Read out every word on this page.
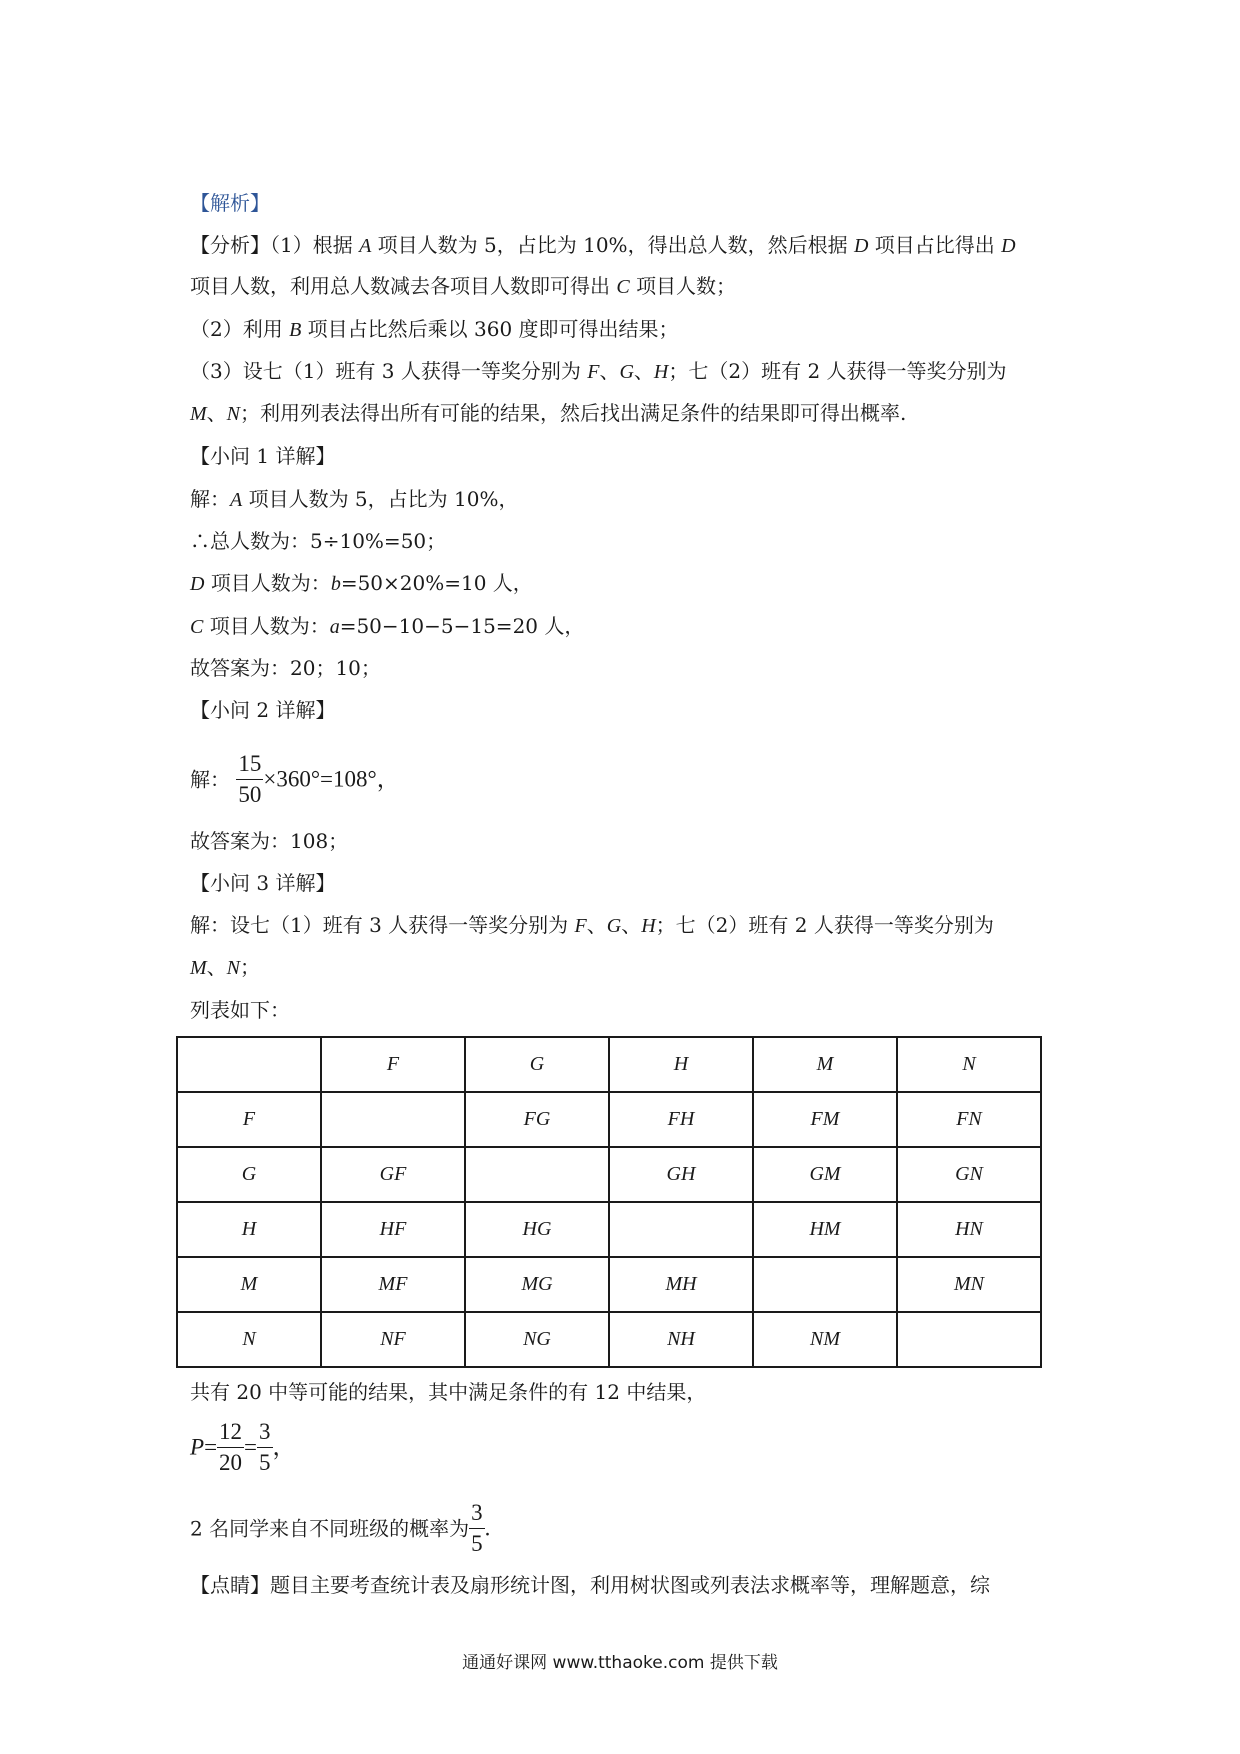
【解析】
【分析】（1）根据 A 项目人数为 5，占比为 10%，得出总人数，然后根据 D 项目占比得出 D
项目人数，利用总人数减去各项目人数即可得出 C 项目人数；
（2）利用 B 项目占比然后乘以 360 度即可得出结果；
（3）设七（1）班有 3 人获得一等奖分别为 F、G、H；七（2）班有 2 人获得一等奖分别为
M、N；利用列表法得出所有可能的结果，然后找出满足条件的结果即可得出概率.
【小问 1 详解】
解：A 项目人数为 5，占比为 10%，
∴总人数为：5÷10%=50；
D 项目人数为：b=50×20%=10 人，
C 项目人数为：a=50−10−5−15=20 人，
故答案为：20；10；
【小问 2 详解】
解： $\frac{15}{50} \times 360^\circ=108^\circ$，
故答案为：108；
【小问 3 详解】
解：设七（1）班有 3 人获得一等奖分别为 F、G、H；七（2）班有 2 人获得一等奖分别为
M、N；
列表如下：
	F	G	H	M	N
F		FG	FH	FM	FN
G	GF		GH	GM	GN
H	HF	HG		HM	HN
M	MF	MG	MH		MN
N	NF	NG	NH	NM	
共有 20 中等可能的结果，其中满足条件的有 12 中结果，
$P= \frac{12}{20} = \frac{3}{5}$ ，
2 名同学来自不同班级的概率为 $\frac{3}{5}$ .
【点睛】题目主要考查统计表及扇形统计图，利用树状图或列表法求概率等，理解题意，综
通通好课网 www.tthaoke.com 提供下载
